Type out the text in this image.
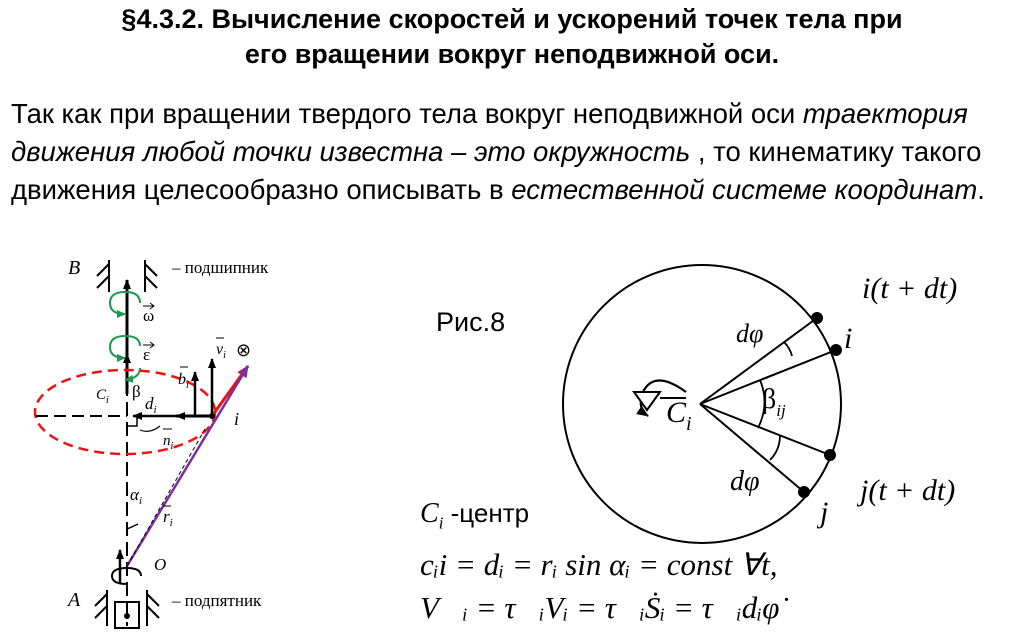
§4.3.2. Вычисление скоростей и ускорений точек тела при
его вращении вокруг неподвижной оси.
Так как при вращении твердого тела вокруг неподвижной оси траектория движения любой точки известна – это окружность , то кинематику такого движения целесообразно описывать в естественной системе координат.
B	– подшипник
ω
ε
$C_i$ β
$d_i$
$n_i$
$b_i$
$v_i$ ⊗
i
$\alpha_i$
$r_i$
O
A	– подпятник
Рис.8
$C_i$
dφ
$\beta_{ij}$
dφ
i
j
i(t + dt)
j(t + dt)
$C_i$ -центр
cᵢi = dᵢ = rᵢ sin αᵢ = const ∀t,
V⃗ᵢ = τ⃗ᵢVᵢ = τ⃗ᵢṠᵢ = τ⃗ᵢdᵢφ̇
